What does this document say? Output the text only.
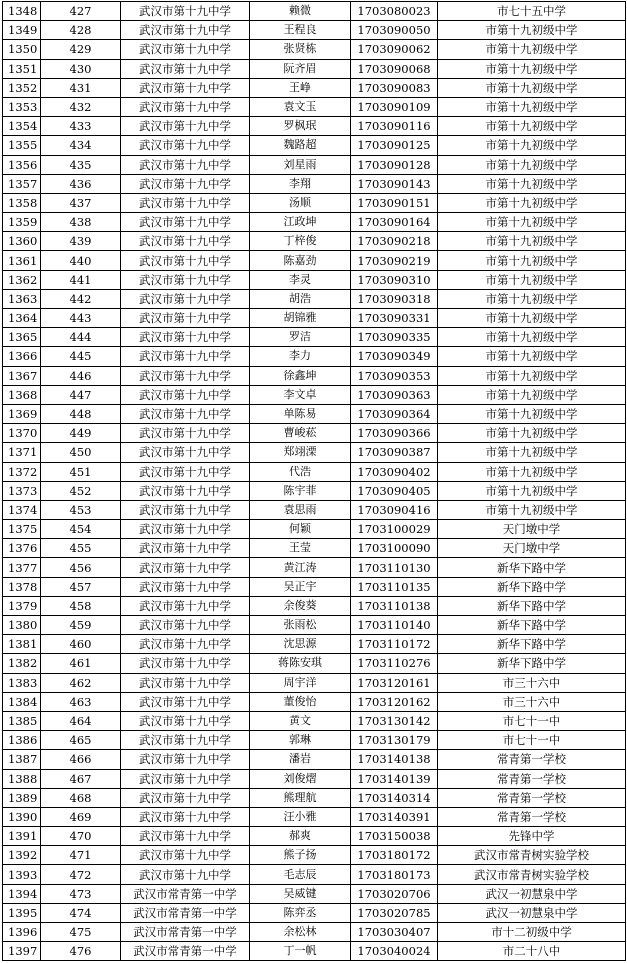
1348	427	武汉市第十九中学	赖微	1703080023	市七十五中学
1349	428	武汉市第十九中学	王程良	1703090050	市第十九初级中学
1350	429	武汉市第十九中学	张贤栋	1703090062	市第十九初级中学
1351	430	武汉市第十九中学	阮齐眉	1703090068	市第十九初级中学
1352	431	武汉市第十九中学	王峥	1703090083	市第十九初级中学
1353	432	武汉市第十九中学	袁文玉	1703090109	市第十九初级中学
1354	433	武汉市第十九中学	罗枫珉	1703090116	市第十九初级中学
1355	434	武汉市第十九中学	魏路超	1703090125	市第十九初级中学
1356	435	武汉市第十九中学	刘星雨	1703090128	市第十九初级中学
1357	436	武汉市第十九中学	李翔	1703090143	市第十九初级中学
1358	437	武汉市第十九中学	汤顺	1703090151	市第十九初级中学
1359	438	武汉市第十九中学	江政坤	1703090164	市第十九初级中学
1360	439	武汉市第十九中学	丁梓俊	1703090218	市第十九初级中学
1361	440	武汉市第十九中学	陈嘉劲	1703090219	市第十九初级中学
1362	441	武汉市第十九中学	李灵	1703090310	市第十九初级中学
1363	442	武汉市第十九中学	胡浩	1703090318	市第十九初级中学
1364	443	武汉市第十九中学	胡锦雅	1703090331	市第十九初级中学
1365	444	武汉市第十九中学	罗洁	1703090335	市第十九初级中学
1366	445	武汉市第十九中学	李力	1703090349	市第十九初级中学
1367	446	武汉市第十九中学	徐鑫坤	1703090353	市第十九初级中学
1368	447	武汉市第十九中学	李文卓	1703090363	市第十九初级中学
1369	448	武汉市第十九中学	单陈易	1703090364	市第十九初级中学
1370	449	武汉市第十九中学	曹峻菘	1703090366	市第十九初级中学
1371	450	武汉市第十九中学	郑翊溧	1703090387	市第十九初级中学
1372	451	武汉市第十九中学	代浩	1703090402	市第十九初级中学
1373	452	武汉市第十九中学	陈宇菲	1703090405	市第十九初级中学
1374	453	武汉市第十九中学	袁思雨	1703090416	市第十九初级中学
1375	454	武汉市第十九中学	何颖	1703100029	天门墩中学
1376	455	武汉市第十九中学	王莹	1703100090	天门墩中学
1377	456	武汉市第十九中学	黄江涛	1703110130	新华下路中学
1378	457	武汉市第十九中学	吴正宇	1703110135	新华下路中学
1379	458	武汉市第十九中学	余俊葵	1703110138	新华下路中学
1380	459	武汉市第十九中学	张雨松	1703110140	新华下路中学
1381	460	武汉市第十九中学	沈思源	1703110172	新华下路中学
1382	461	武汉市第十九中学	蒋陈安琪	1703110276	新华下路中学
1383	462	武汉市第十九中学	周宇洋	1703120161	市三十六中
1384	463	武汉市第十九中学	董俊怡	1703120162	市三十六中
1385	464	武汉市第十九中学	黄文	1703130142	市七十一中
1386	465	武汉市第十九中学	郭琳	1703130179	市七十一中
1387	466	武汉市第十九中学	潘岩	1703140138	常青第一学校
1388	467	武汉市第十九中学	刘俊熠	1703140139	常青第一学校
1389	468	武汉市第十九中学	熊理航	1703140314	常青第一学校
1390	469	武汉市第十九中学	汪小雅	1703140391	常青第一学校
1391	470	武汉市第十九中学	郝爽	1703150038	先锋中学
1392	471	武汉市第十九中学	熊子扬	1703180172	武汉市常青树实验学校
1393	472	武汉市第十九中学	毛志辰	1703180173	武汉市常青树实验学校
1394	473	武汉市常青第一中学	吴威键	1703020706	武汉一初慧泉中学
1395	474	武汉市常青第一中学	陈弈丞	1703020785	武汉一初慧泉中学
1396	475	武汉市常青第一中学	余松林	1703030407	市十二初级中学
1397	476	武汉市常青第一中学	丁一帆	1703040024	市二十八中
